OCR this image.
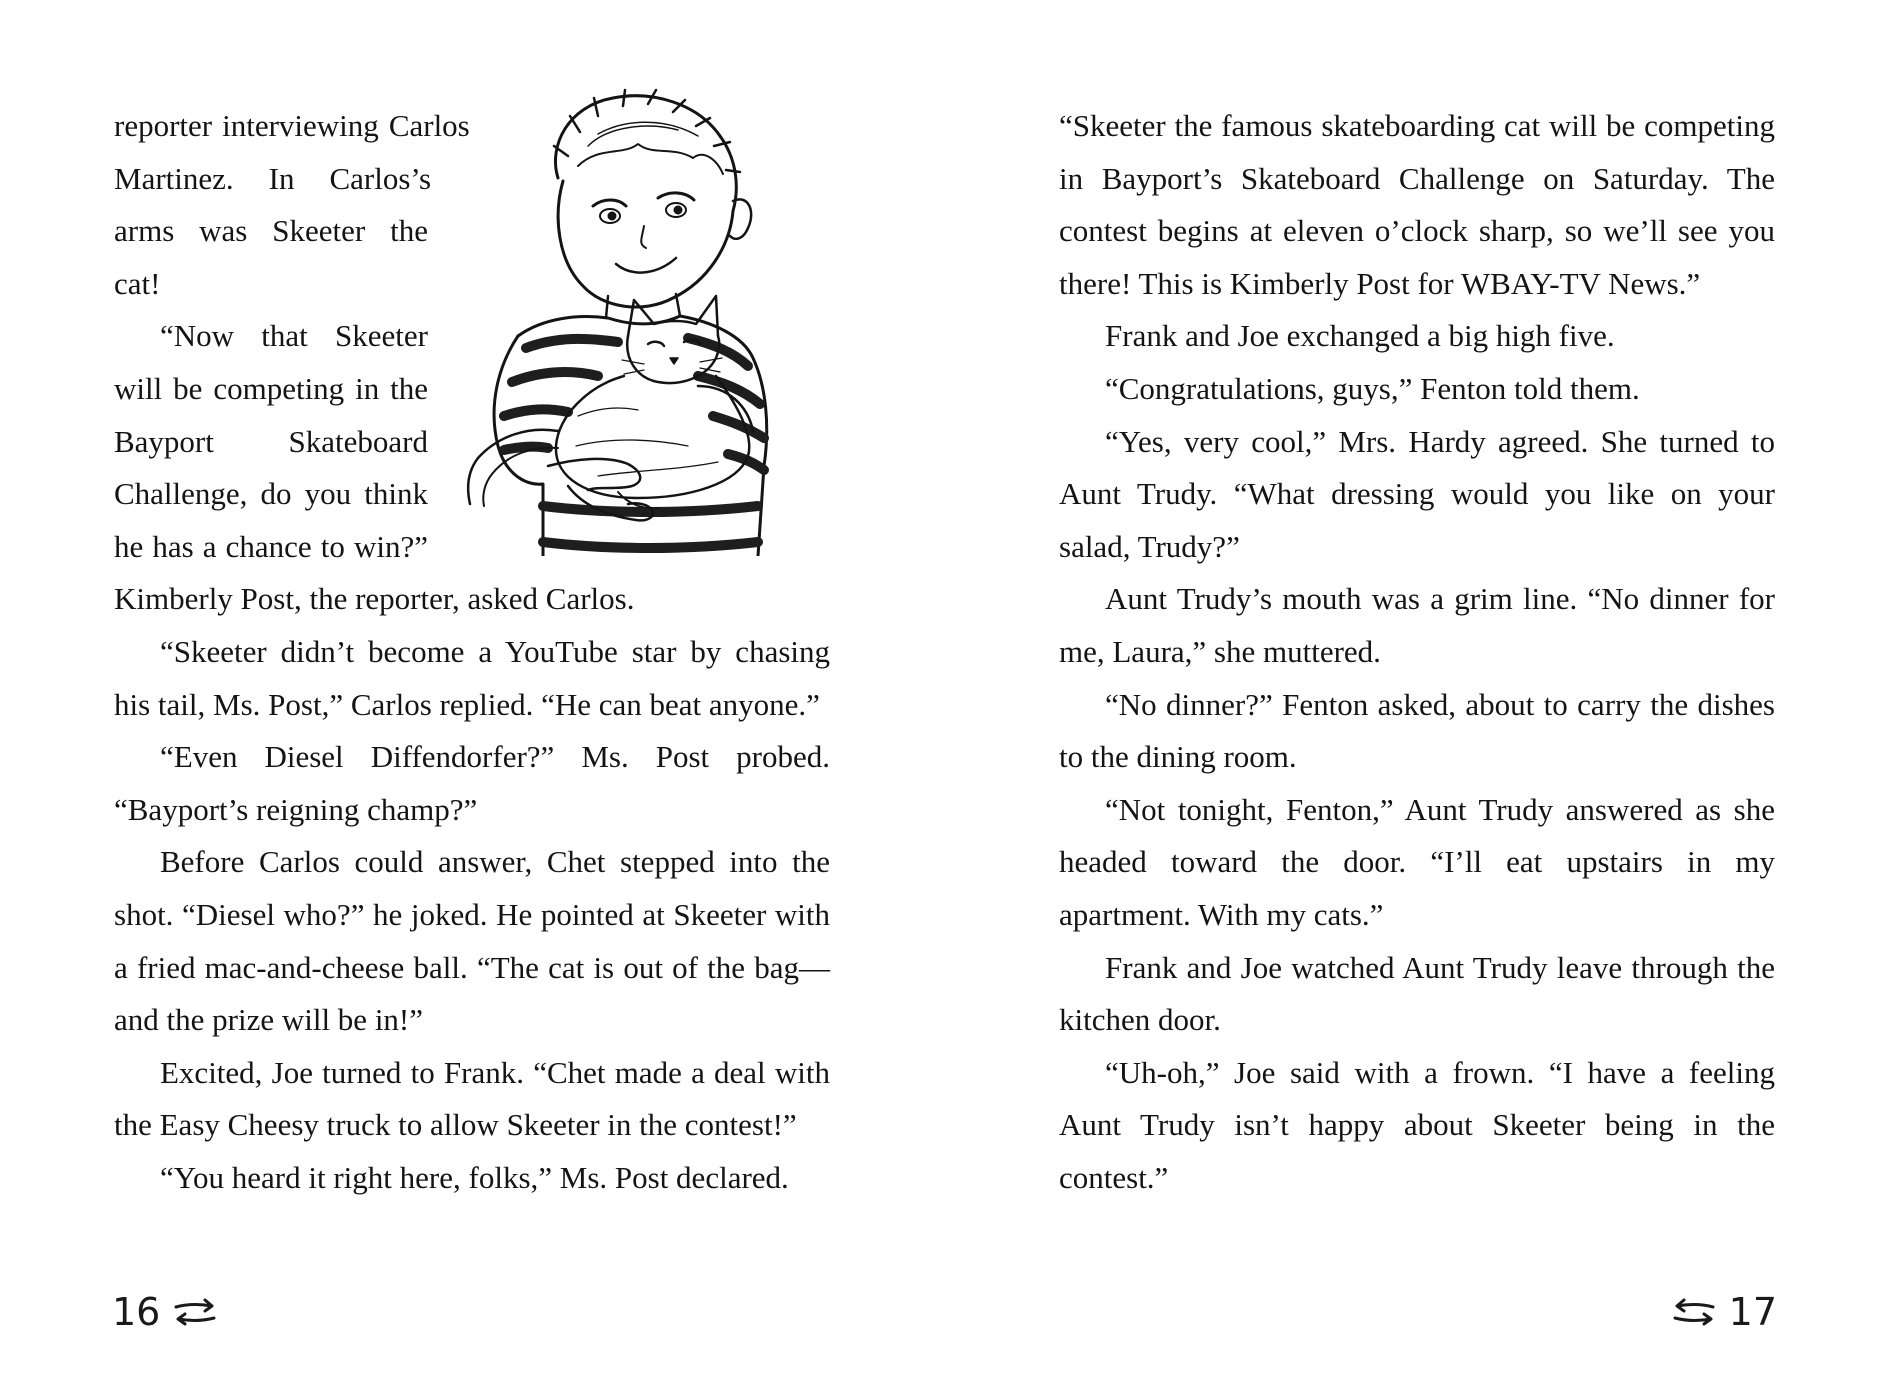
reporter interviewing Carlos Martinez. In Carlos’s arms was Skeeter the cat!

“Now that Skeeter will be competing in the Bayport Skateboard Challenge, do you think he has a chance to win?” Kimberly Post, the reporter, asked Carlos.

“Skeeter didn’t become a YouTube star by chasing his tail, Ms. Post,” Carlos replied. “He can beat anyone.”

“Even Diesel Diffendorfer?” Ms. Post probed. “Bayport’s reigning champ?”

Before Carlos could answer, Chet stepped into the shot. “Diesel who?” he joked. He pointed at Skeeter with a fried mac-and-cheese ball. “The cat is out of the bag—and the prize will be in!”

Excited, Joe turned to Frank. “Chet made a deal with the Easy Cheesy truck to allow Skeeter in the contest!”

“You heard it right here, folks,” Ms. Post declared.

16

“Skeeter the famous skateboarding cat will be competing in Bayport’s Skateboard Challenge on Saturday. The contest begins at eleven o’clock sharp, so we’ll see you there! This is Kimberly Post for WBAY-TV News.”

Frank and Joe exchanged a big high five.

“Congratulations, guys,” Fenton told them.

“Yes, very cool,” Mrs. Hardy agreed. She turned to Aunt Trudy. “What dressing would you like on your salad, Trudy?”

Aunt Trudy’s mouth was a grim line. “No dinner for me, Laura,” she muttered.

“No dinner?” Fenton asked, about to carry the dishes to the dining room.

“Not tonight, Fenton,” Aunt Trudy answered as she headed toward the door. “I’ll eat upstairs in my apartment. With my cats.”

Frank and Joe watched Aunt Trudy leave through the kitchen door.

“Uh-oh,” Joe said with a frown. “I have a feeling Aunt Trudy isn’t happy about Skeeter being in the contest.”

17
